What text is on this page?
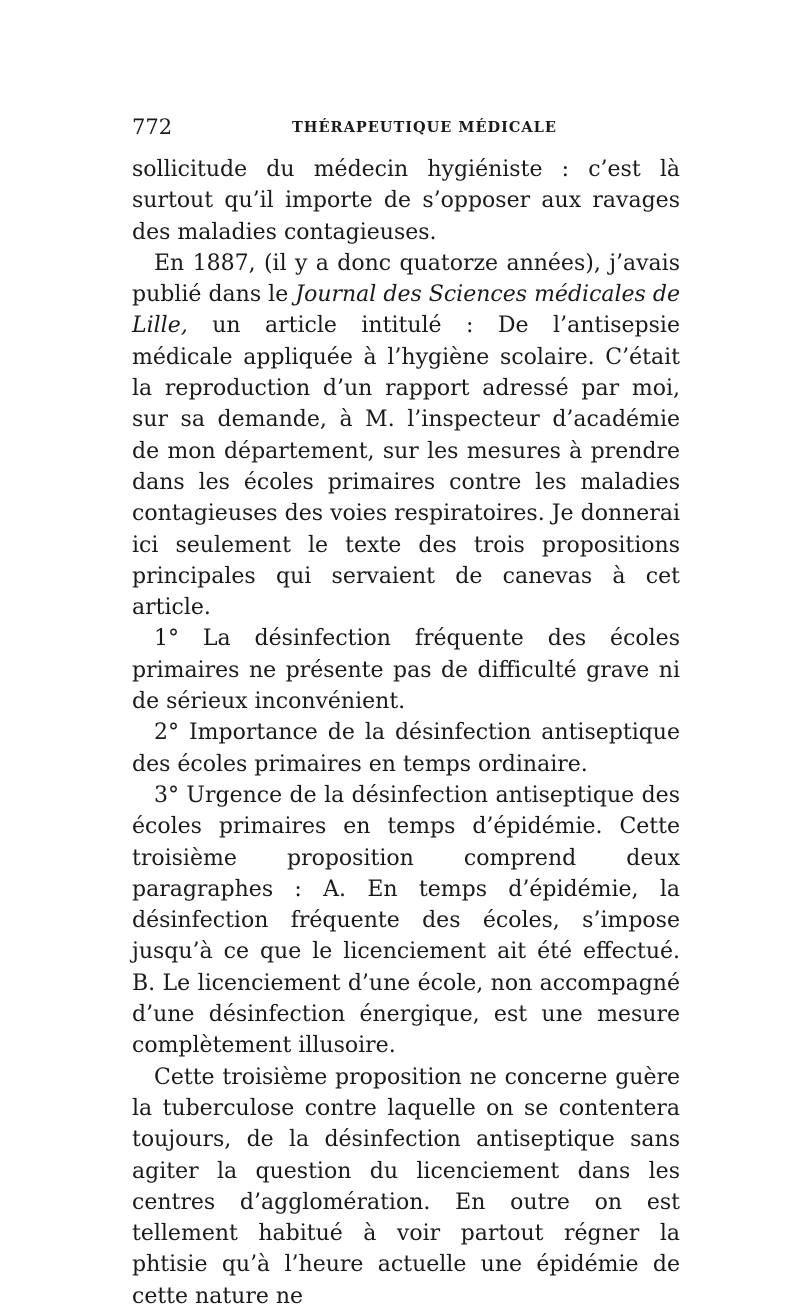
772	THÉRAPEUTIQUE MÉDICALE

sollicitude du médecin hygiéniste : c’est là surtout qu’il importe de s’opposer aux ravages des maladies contagieuses.

En 1887, (il y a donc quatorze années), j’avais publié dans le Journal des Sciences médicales de Lille, un article intitulé : De l’antisepsie médicale appliquée à l’hygiène scolaire. C’était la reproduction d’un rapport adressé par moi, sur sa demande, à M. l’inspecteur d’académie de mon département, sur les mesures à prendre dans les écoles primaires contre les maladies contagieuses des voies respiratoires. Je donnerai ici seulement le texte des trois propositions principales qui servaient de canevas à cet article.

1° La désinfection fréquente des écoles primaires ne présente pas de difficulté grave ni de sérieux inconvénient.

2° Importance de la désinfection antiseptique des écoles primaires en temps ordinaire.

3° Urgence de la désinfection antiseptique des écoles primaires en temps d’épidémie. Cette troisième proposition comprend deux paragraphes : A. En temps d’épidémie, la désinfection fréquente des écoles, s’impose jusqu’à ce que le licenciement ait été effectué. B. Le licenciement d’une école, non accompagné d’une désinfection énergique, est une mesure complètement illusoire.

Cette troisième proposition ne concerne guère la tuberculose contre laquelle on se contentera toujours, de la désinfection antiseptique sans agiter la question du licenciement dans les centres d’agglomération. En outre on est tellement habitué à voir partout régner la phtisie qu’à l’heure actuelle une épidémie de cette nature ne
